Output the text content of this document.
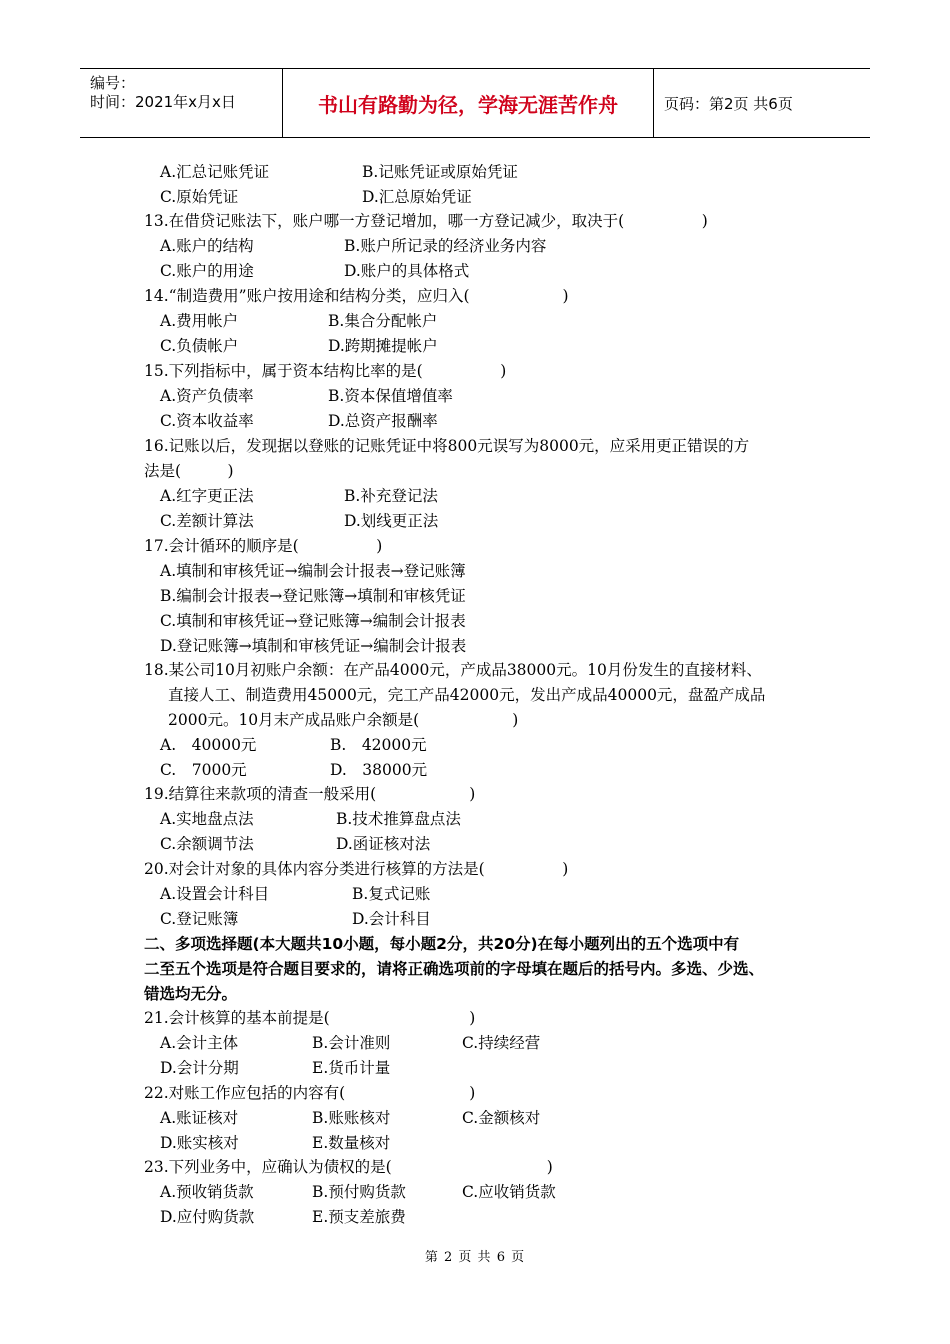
编号：
时间：2021年x月x日	书山有路勤为径，学海无涯苦作舟	页码：第2页 共6页
A.汇总记账凭证	B.记账凭证或原始凭证
C.原始凭证	D.汇总原始凭证
13.在借贷记账法下，账户哪一方登记增加，哪一方登记减少，取决于(　　　　　)
A.账户的结构	B.账户所记录的经济业务内容
C.账户的用途	D.账户的具体格式
14.“制造费用”账户按用途和结构分类，应归入(　　　　　　)
A.费用帐户	B.集合分配帐户
C.负债帐户	D.跨期摊提帐户
15.下列指标中，属于资本结构比率的是(　　　　　)
A.资产负债率	B.资本保值增值率
C.资本收益率	D.总资产报酬率
16.记账以后，发现据以登账的记账凭证中将800元误写为8000元，应采用更正错误的方
法是(　　　)
A.红字更正法	B.补充登记法
C.差额计算法	D.划线更正法
17.会计循环的顺序是(　　　　　)
A.填制和审核凭证→编制会计报表→登记账簿
B.编制会计报表→登记账簿→填制和审核凭证
C.填制和审核凭证→登记账簿→编制会计报表
D.登记账簿→填制和审核凭证→编制会计报表
18.某公司10月初账户余额：在产品4000元，产成品38000元。10月份发生的直接材料、
直接人工、制造费用45000元，完工产品42000元，发出产成品40000元，盘盈产成品
2000元。10月末产成品账户余额是(　　　　　　)
A.　40000元	B.　42000元
C.　7000元	D.　38000元
19.结算往来款项的清查一般采用(　　　　　　)
A.实地盘点法	B.技术推算盘点法
C.余额调节法	D.函证核对法
20.对会计对象的具体内容分类进行核算的方法是(　　　　　)
A.设置会计科目	B.复式记账
C.登记账簿	D.会计科目
二、多项选择题(本大题共10小题，每小题2分，共20分)在每小题列出的五个选项中有
二至五个选项是符合题目要求的，请将正确选项前的字母填在题后的括号内。多选、少选、
错选均无分。
21.会计核算的基本前提是(　　　　　　　　　)
A.会计主体	B.会计准则	C.持续经营
D.会计分期	E.货币计量
22.对账工作应包括的内容有(　　　　　　　　)
A.账证核对	B.账账核对	C.金额核对
D.账实核对	E.数量核对
23.下列业务中，应确认为债权的是(　　　　　　　　　　)
A.预收销货款	B.预付购货款	C.应收销货款
D.应付购货款	E.预支差旅费
第 2 页 共 6 页
